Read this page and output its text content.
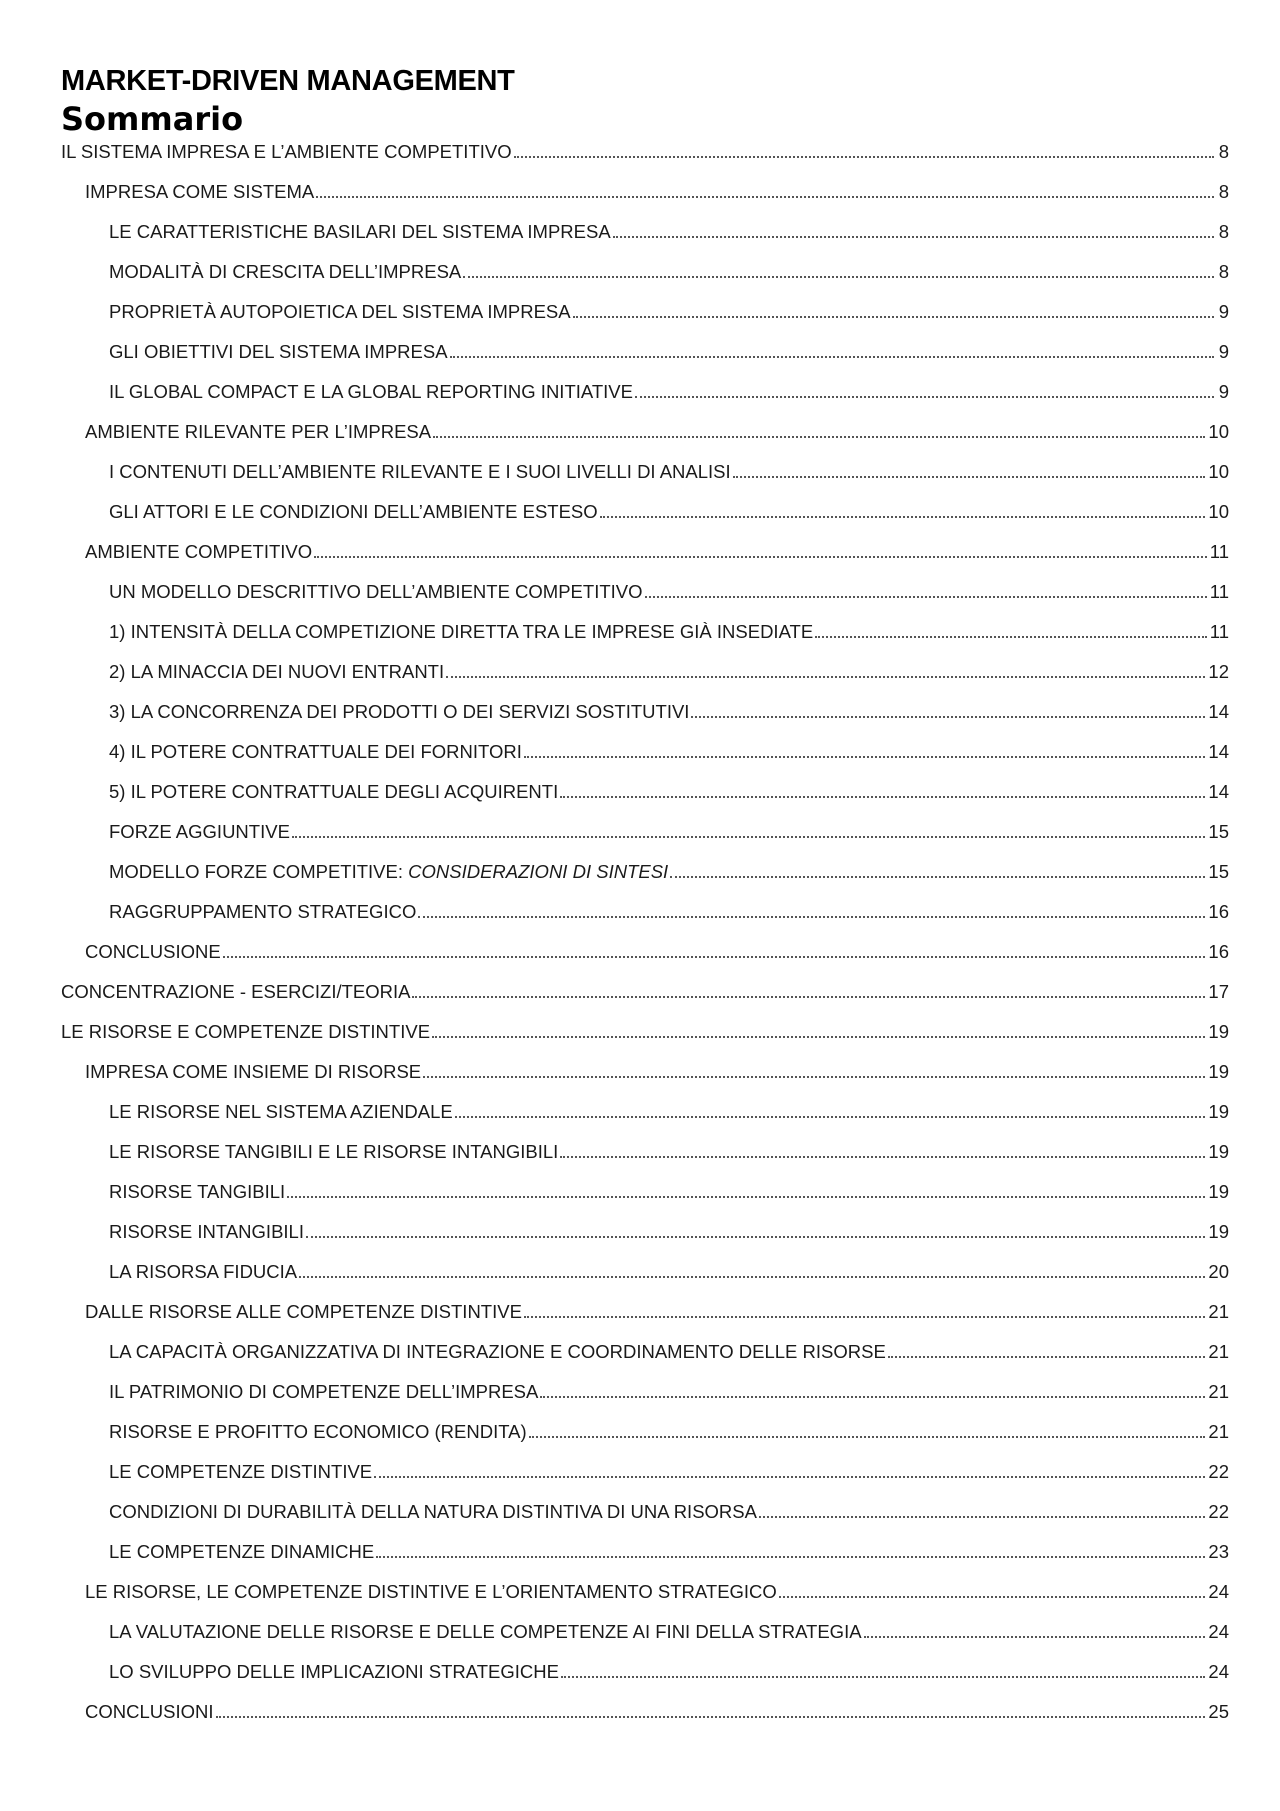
MARKET-DRIVEN MANAGEMENT
Sommario
IL SISTEMA IMPRESA E L’AMBIENTE COMPETITIVO	8
IMPRESA COME SISTEMA	8
LE CARATTERISTICHE BASILARI DEL SISTEMA IMPRESA	8
MODALITÀ DI CRESCITA DELL’IMPRESA	8
PROPRIETÀ AUTOPOIETICA DEL SISTEMA IMPRESA	9
GLI OBIETTIVI DEL SISTEMA IMPRESA	9
IL GLOBAL COMPACT E LA GLOBAL REPORTING INITIATIVE	9
AMBIENTE RILEVANTE PER L’IMPRESA	10
I CONTENUTI DELL’AMBIENTE RILEVANTE E I SUOI LIVELLI DI ANALISI	10
GLI ATTORI E LE CONDIZIONI DELL’AMBIENTE ESTESO	10
AMBIENTE COMPETITIVO	11
UN MODELLO DESCRITTIVO DELL’AMBIENTE COMPETITIVO	11
1) INTENSITÀ DELLA COMPETIZIONE DIRETTA TRA LE IMPRESE GIÀ INSEDIATE	11
2) LA MINACCIA DEI NUOVI ENTRANTI	12
3) LA CONCORRENZA DEI PRODOTTI O DEI SERVIZI SOSTITUTIVI	14
4) IL POTERE CONTRATTUALE DEI FORNITORI	14
5) IL POTERE CONTRATTUALE DEGLI ACQUIRENTI	14
FORZE AGGIUNTIVE	15
MODELLO FORZE COMPETITIVE: CONSIDERAZIONI DI SINTESI	15
RAGGRUPPAMENTO STRATEGICO	16
CONCLUSIONE	16
CONCENTRAZIONE - ESERCIZI/TEORIA	17
LE RISORSE E COMPETENZE DISTINTIVE	19
IMPRESA COME INSIEME DI RISORSE	19
LE RISORSE NEL SISTEMA AZIENDALE	19
LE RISORSE TANGIBILI E LE RISORSE INTANGIBILI	19
RISORSE TANGIBILI	19
RISORSE INTANGIBILI	19
LA RISORSA FIDUCIA	20
DALLE RISORSE ALLE COMPETENZE DISTINTIVE	21
LA CAPACITÀ ORGANIZZATIVA DI INTEGRAZIONE E COORDINAMENTO DELLE RISORSE	21
IL PATRIMONIO DI COMPETENZE DELL’IMPRESA	21
RISORSE E PROFITTO ECONOMICO (RENDITA)	21
LE COMPETENZE DISTINTIVE	22
CONDIZIONI DI DURABILITÀ DELLA NATURA DISTINTIVA DI UNA RISORSA	22
LE COMPETENZE DINAMICHE	23
LE RISORSE, LE COMPETENZE DISTINTIVE E L’ORIENTAMENTO STRATEGICO	24
LA VALUTAZIONE DELLE RISORSE E DELLE COMPETENZE AI FINI DELLA STRATEGIA	24
LO SVILUPPO DELLE IMPLICAZIONI STRATEGICHE	24
CONCLUSIONI	25
